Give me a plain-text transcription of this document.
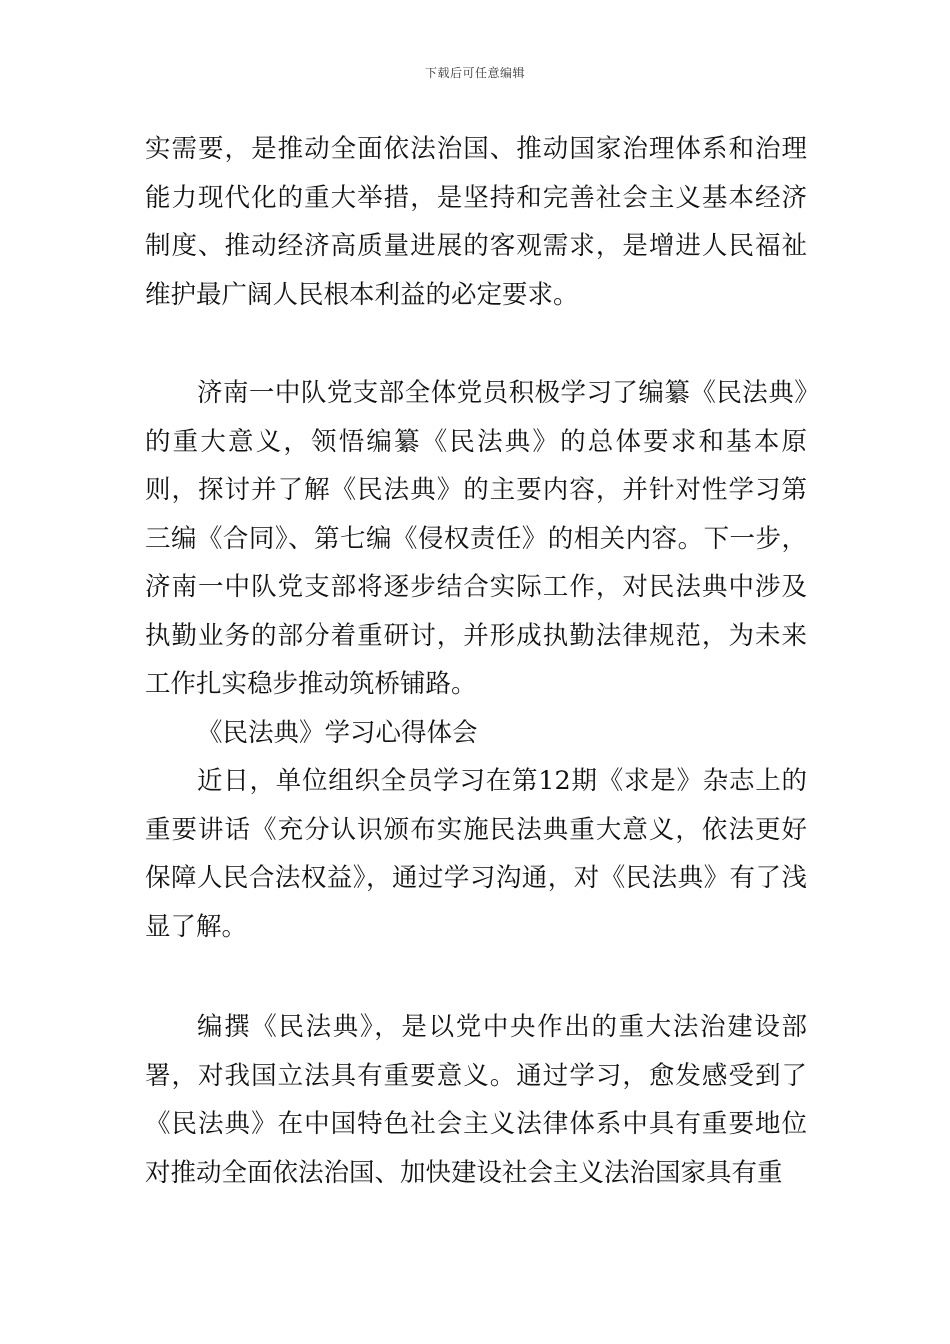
下载后可任意编辑

实需要，是推动全面依法治国、推动国家治理体系和治理能力现代化的重大举措，是坚持和完善社会主义基本经济制度、推动经济高质量进展的客观需求，是增进人民福祉维护最广阔人民根本利益的必定要求。

济南一中队党支部全体党员积极学习了编纂《民法典》的重大意义，领悟编纂《民法典》的总体要求和基本原则，探讨并了解《民法典》的主要内容，并针对性学习第三编《合同》、第七编《侵权责任》的相关内容。下一步，济南一中队党支部将逐步结合实际工作，对民法典中涉及执勤业务的部分着重研讨，并形成执勤法律规范，为未来工作扎实稳步推动筑桥铺路。

《民法典》学习心得体会

近日，单位组织全员学习在第12期《求是》杂志上的重要讲话《充分认识颁布实施民法典重大意义，依法更好保障人民合法权益》，通过学习沟通，对《民法典》有了浅显了解。

编撰《民法典》，是以党中央作出的重大法治建设部署，对我国立法具有重要意义。通过学习，愈发感受到了《民法典》在中国特色社会主义法律体系中具有重要地位对推动全面依法治国、加快建设社会主义法治国家具有重
